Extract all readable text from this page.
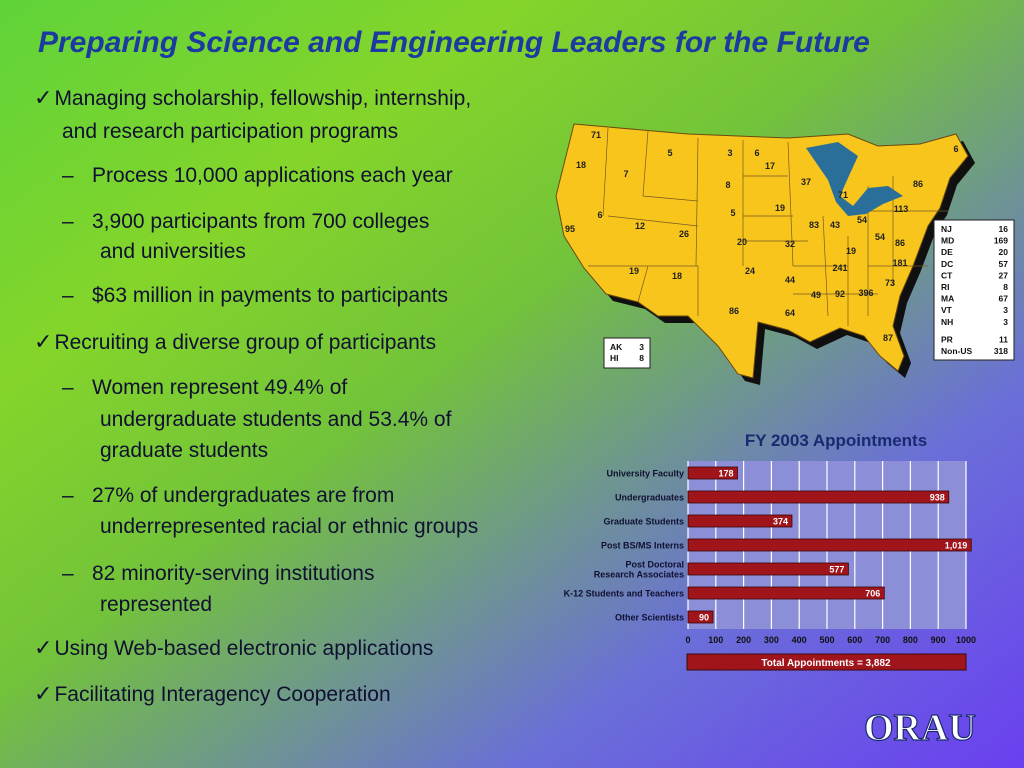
Preparing Science and Engineering Leaders for the Future
✓Managing scholarship, fellowship, internship,
and research participation programs
– Process 10,000 applications each year
– 3,900 participants from 700 colleges
and universities
– $63 million in payments to participants
✓Recruiting a diverse group of participants
– Women represent 49.4% of
undergraduate students and 53.4% of
graduate students
– 27% of undergraduates are from
underrepresented racial or ethnic groups
– 82 minority-serving institutions
represented
✓Using Web-based electronic applications
✓Facilitating Interagency Cooperation
71
5	3 6
18
7
17
37	86
6
8
71
19	113
95
6
12
26
5
83 43 54
20	32
19
54
86
24
44
241	181
19	18
86	64
49 92 396
73
87
NJ	16
MD	169
DE	20
DC	57
CT	27
RI	8
MA	67
VT	3
NH	3
PR	11
Non-US	318
AK 3
HI 8
FY 2003 Appointments
178
938
374
1,019
577
706
90
University Faculty
Undergraduates
Graduate Students
Post BS/MS Interns
Post Doctoral
Research Associates
K-12 Students and Teachers
Other Scientists
0 100 200 300 400 500 600 700 800 900 1000
Total Appointments = 3,882
ORAU
